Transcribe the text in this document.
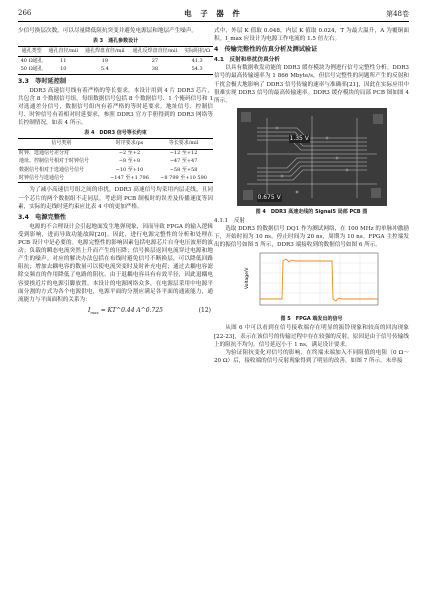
266	电 子 器 件	第48卷

少信号换层次数，可以尽量降低阻抗突变并避免电源层和地层产生噪声。

表 3　通孔参数设计
通孔类型	通孔直径/mil	通孔焊盘直径/mil	通孔反焊盘直径/mil	实际阻抗/Ω
40 Ω通孔	11	19	27	41.3
50 Ω通孔	10	5.4	38	54.3
3.3　等时延控制

DDR3 高速信号线有着严格的等长要求。本设计用到 4 片 DDR3 芯片，共包含 8 个数据信号组，每组数据信号包括 8 个数据信号、1 个掩码信号和 1 对选通差分信号，数据信号组内有着严格的等时延要求。地址信号、控制信号、时钟信号有着相对时延要求，参照 DDR3 官方手册得到的 DDR3 网络等长控制情况，如表 4 所示。

表 4　DDR3 信号等长约束
信号类别	时序要求/ps	等长要求/mil
时钟、选通信号差分对	−2 至+2	−12 至+12
地址、控制信号相对于时钟信号	−8 至+8	−47 至+47
数据信号相对于选通信号信号	−10 至+10	−58 至+58
时钟信号与选通信号	−147 至+1 796	−8 799 至+10 590

为了减小高速信号组之间的串扰，DDR3 高速信号均采用内层走线，且同一个芯片的两个数据组不走同层。考虑到 PCB 制板时的误差及传播速度等因素，实际的走线时延约束应比表 4 中的更加严格。

3.4　电源完整性

电源的不合理设计会引起地面发生地弹现象，因而导致 FPGA 的输入逻辑受到影响，进而导致功能故障[20]。因此，进行电源完整性的分析和处理在 PCB 设计中是必要的。电源完整性的影响因素包括电源芯片自身电压波形的波动；负载的瞬态电流突然上升而产生的压降；信号换层返回电流穿过电源和地产生的噪声。对应的解决办法包括在布线时避免信号不断换层，可以降低回路阻抗；增加去耦电容的数量可以使电流突变时及时补充电荷；通过去耦电容滤除交频直的作用降低了电路的阻抗。由于退耦电容具有有效半径，因此退耦电容要挨近片的电源引脚放置。本设计的电源网络众多，在电源层采用中电源平面分割的方式为各个电源供电，电源平面的分割应满足各平面的通流能力，通流能力与平面面积的关系为：

$I_{max}$ = KT^0.44 A^0.725	(12)

式中，外层 K 值取 0.048，内层 K 值取 0.024，T 为最大温升，A 为覆铜面积。I_max 应设计为电源工作电流的 1.5 倍左右。

4　传输完整性的仿真分析及测试验证
4.1　反射和串扰仿真分析

以具有数据收发功能的 DDR3 缓存模块为例进行信号完整性分析。DDR3 信号的最高传输速率为 1 866 Mbyte/s，但信号完整性的问题所产生的反射和干扰会极大地影响了 DDR3 信号传输的速率与准确率[21]，因此在实际应用中很难实现 DDR3 信号的最高传输速率。DDR3 缓存模块的局部 PCB 图如图 4 所示。

1.35 V
0.675 V
图 4　DDR3 高速走线的 Signal5 局部 PCB 图
4.1.1　反射

选取 DDR3 的数据信号 DQ1 作为测试网络，在 100 MHz 的单脉冲激励下，开始时间为 10 ns，停止时间为 20 ns，周期为 10 ns。FPGA 主控端发出的振信号如图 5 所示，DDR3 端接收到的数据信号如图 6 所示。

Voltage/V
图 5　FPGA 端发出的信号

从图 6 中可以看到在信号接收端存在明显的振铃现象和较高的回沟现象[22-23]，表示在该信号的传输过程中存在较强的反射，原因是由于信号传输线上的阻抗不均匀。信号延迟小于 1 ns，满足设计要求。

为验证阻抗变化对信号的影响，在终端未端加入不同阻值的电阻（0 Ω～20 Ω）后，接收端的信号反射现象得到了明显的改善，如图 7 所示。未串接
